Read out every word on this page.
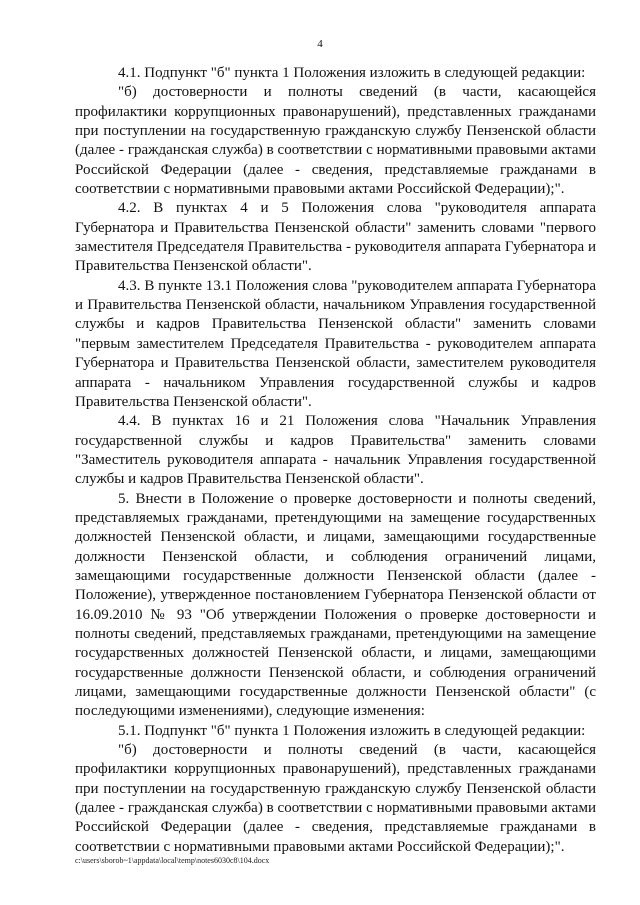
4

4.1. Подпункт "б" пункта 1 Положения изложить в следующей редакции:

"б) достоверности и полноты сведений (в части, касающейся профилактики коррупционных правонарушений), представленных гражданами при поступлении на государственную гражданскую службу Пензенской области (далее - гражданская служба) в соответствии с нормативными правовыми актами Российской Федерации (далее - сведения, представляемые гражданами в соответствии с нормативными правовыми актами Российской Федерации);".

4.2. В пунктах 4 и 5 Положения слова "руководителя аппарата Губернатора и Правительства Пензенской области" заменить словами "первого заместителя Председателя Правительства - руководителя аппарата Губернатора и Правительства Пензенской области".

4.3. В пункте 13.1 Положения слова "руководителем аппарата Губернатора и Правительства Пензенской области, начальником Управления государственной службы и кадров Правительства Пензенской области" заменить словами "первым заместителем Председателя Правительства - руководителем аппарата Губернатора и Правительства Пензенской области, заместителем руководителя аппарата - начальником Управления государственной службы и кадров Правительства Пензенской области".

4.4. В пунктах 16 и 21 Положения слова "Начальник Управления государственной службы и кадров Правительства" заменить словами "Заместитель руководителя аппарата - начальник Управления государственной службы и кадров Правительства Пензенской области".

5. Внести в Положение о проверке достоверности и полноты сведений, представляемых гражданами, претендующими на замещение государственных должностей Пензенской области, и лицами, замещающими государственные должности Пензенской области, и соблюдения ограничений лицами, замещающими государственные должности Пензенской области (далее - Положение), утвержденное постановлением Губернатора Пензенской области от 16.09.2010 № 93 "Об утверждении Положения о проверке достоверности и полноты сведений, представляемых гражданами, претендующими на замещение государственных должностей Пензенской области, и лицами, замещающими государственные должности Пензенской области, и соблюдения ограничений лицами, замещающими государственные должности Пензенской области" (с последующими изменениями), следующие изменения:

5.1. Подпункт "б" пункта 1 Положения изложить в следующей редакции:

"б) достоверности и полноты сведений (в части, касающейся профилактики коррупционных правонарушений), представленных гражданами при поступлении на государственную гражданскую службу Пензенской области (далее - гражданская служба) в соответствии с нормативными правовыми актами Российской Федерации (далее - сведения, представляемые гражданами в соответствии с нормативными правовыми актами Российской Федерации);".

c:\users\sborob~1\appdata\local\temp\notes6030c8\104.docx
